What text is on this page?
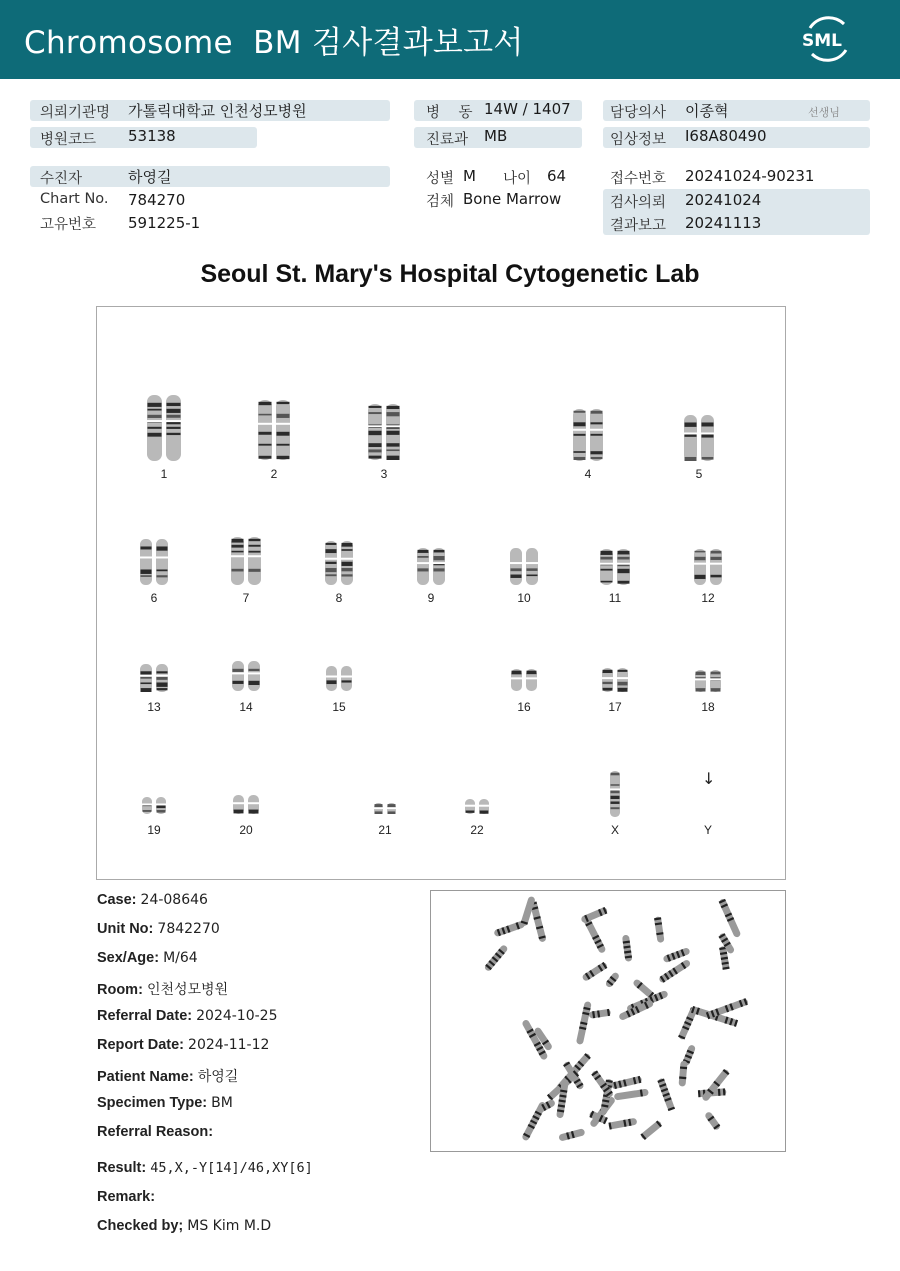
Chromosome  BM 검사결과보고서	SML
의뢰기관명 가톨릭대학교 인천성모병원
병원코드 53138
병    동 14W / 1407
진료과 MB
담당의사 이종혁	선생님
임상정보 I68A80490
수진자	하영길
Chart No. 784270
고유번호 591225-1
성별 M 나이 64
검체 Bone Marrow
접수번호 20241024-90231
검사의뢰 20241024
결과보고 20241113
Seoul St. Mary's Hospital Cytogenetic Lab
1	2	3	4	5
6	7	8	9	10	11	12
13	14	15	16	17	18
19	20	21	22	X	Y
↓
Case: 24-08646
Unit No: 7842270
Sex/Age: M/64
Room: 인천성모병원
Referral Date: 2024-10-25
Report Date: 2024-11-12
Patient Name: 하영길
Specimen Type: BM
Referral Reason:
Result: 45,X,-Y[14]/46,XY[6]
Remark:
Checked by; MS Kim M.D
